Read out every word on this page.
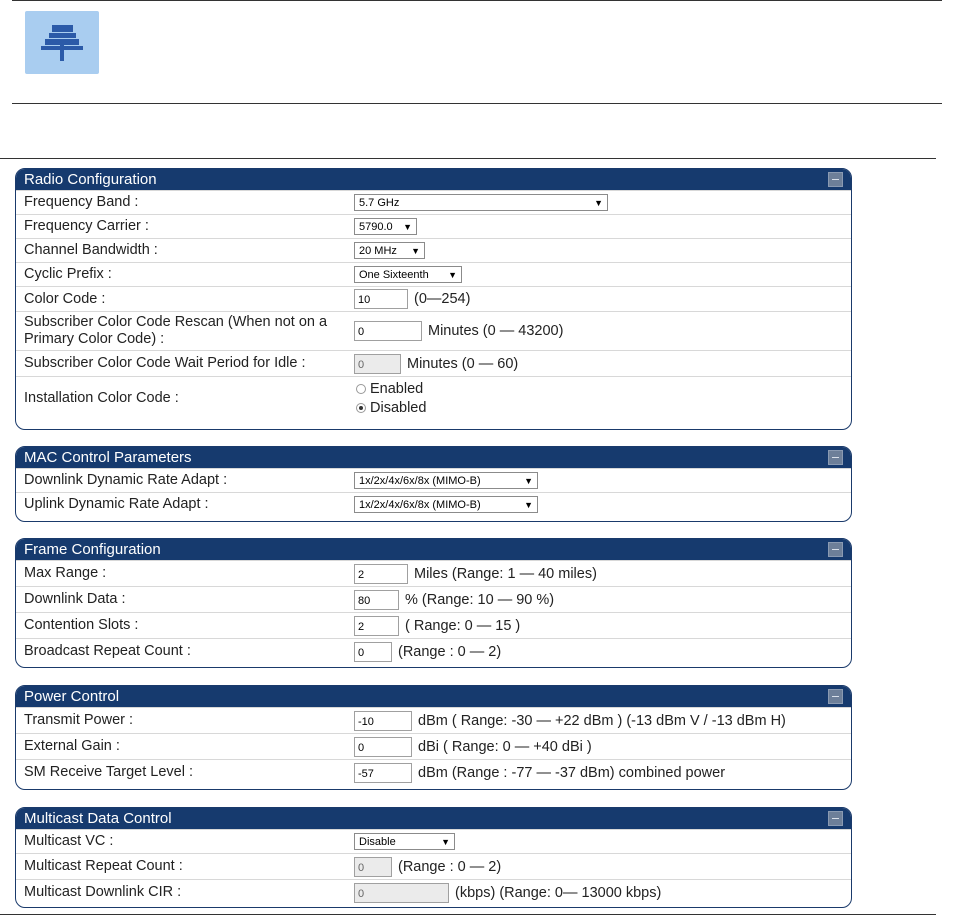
Radio Configuration
Frequency Band :	5.7 GHz	▼
Frequency Carrier :	5790.0 ▼
Channel Bandwidth :	20 MHz ▼
Cyclic Prefix :	One Sixteenth ▼
Color Code :	10	(0—254)
Subscriber Color Code Rescan (When not on a Primary Color Code) :	0	Minutes (0 — 43200)
Subscriber Color Code Wait Period for Idle :	0	Minutes (0 — 60)
Installation Color Code :
Enabled
Disabled
MAC Control Parameters
Downlink Dynamic Rate Adapt :	1x/2x/4x/6x/8x (MIMO-B)	▼
Uplink Dynamic Rate Adapt :	1x/2x/4x/6x/8x (MIMO-B)	▼
Frame Configuration
Max Range :	2	Miles (Range: 1 — 40 miles)
Downlink Data :	80	% (Range: 10 — 90 %)
Contention Slots :	2	( Range: 0 — 15 )
Broadcast Repeat Count :	0	(Range : 0 — 2)
Power Control
Transmit Power :	-10	dBm ( Range: -30 — +22 dBm ) (-13 dBm V / -13 dBm H)
External Gain :	0	dBi ( Range: 0 — +40 dBi )
SM Receive Target Level :	-57	dBm (Range : -77 — -37 dBm) combined power
Multicast Data Control
Multicast VC :	Disable	▼
Multicast Repeat Count :	0	(Range : 0 — 2)
Multicast Downlink CIR :	0	(kbps) (Range: 0— 13000 kbps)
